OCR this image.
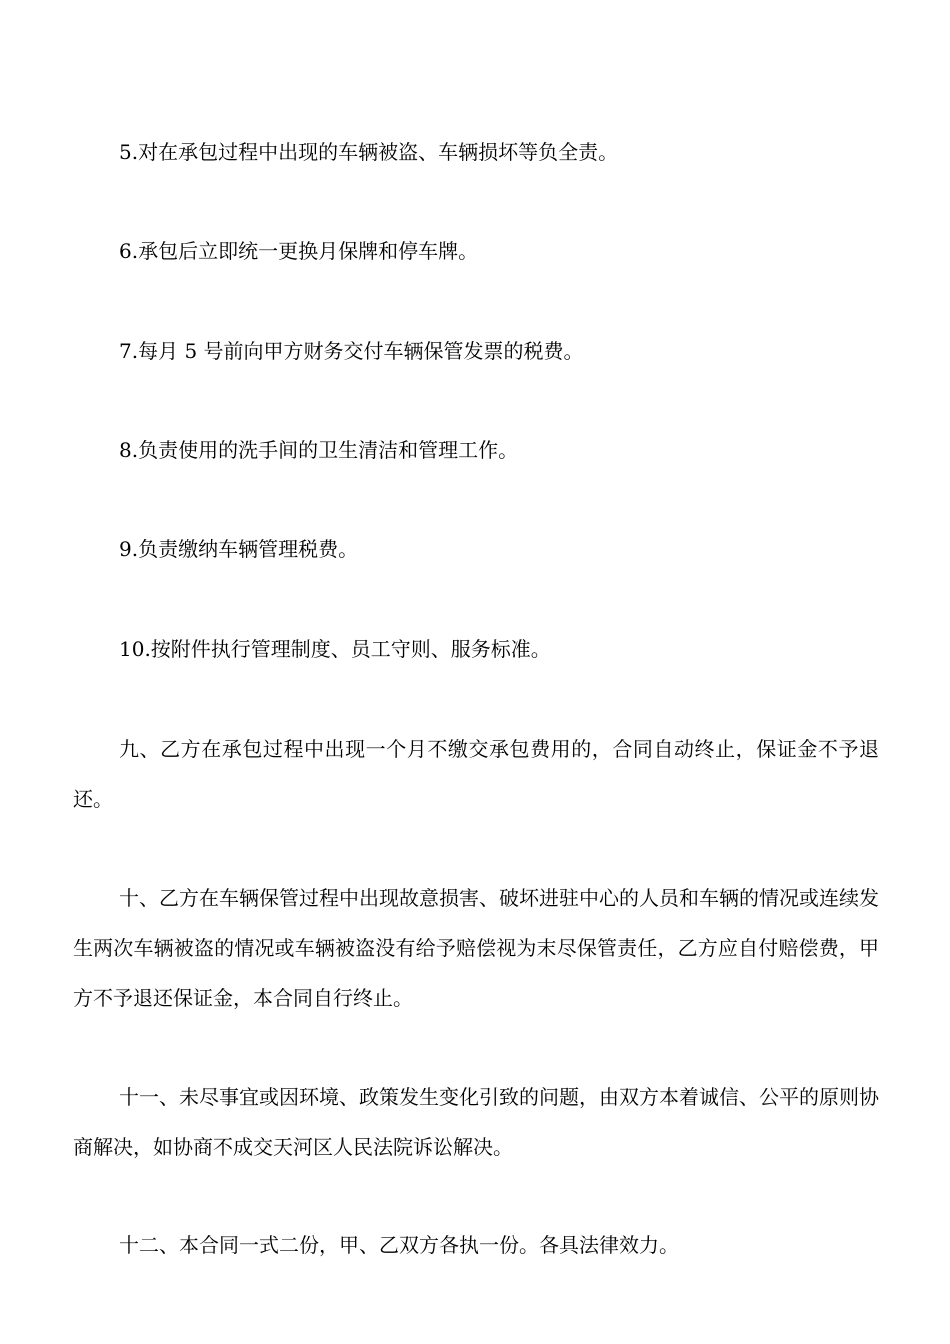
5.对在承包过程中出现的车辆被盗、车辆损坏等负全责。

6.承包后立即统一更换月保牌和停车牌。

7.每月 5 号前向甲方财务交付车辆保管发票的税费。

8.负责使用的洗手间的卫生清洁和管理工作。

9.负责缴纳车辆管理税费。

10.按附件执行管理制度、员工守则、服务标准。

九、乙方在承包过程中出现一个月不缴交承包费用的，合同自动终止，保证金不予退还。

十、乙方在车辆保管过程中出现故意损害、破坏进驻中心的人员和车辆的情况或连续发生两次车辆被盗的情况或车辆被盗没有给予赔偿视为末尽保管责任，乙方应自付赔偿费，甲方不予退还保证金，本合同自行终止。

十一、未尽事宜或因环境、政策发生变化引致的问题，由双方本着诚信、公平的原则协商解决，如协商不成交天河区人民法院诉讼解决。

十二、本合同一式二份，甲、乙双方各执一份。各具法律效力。
